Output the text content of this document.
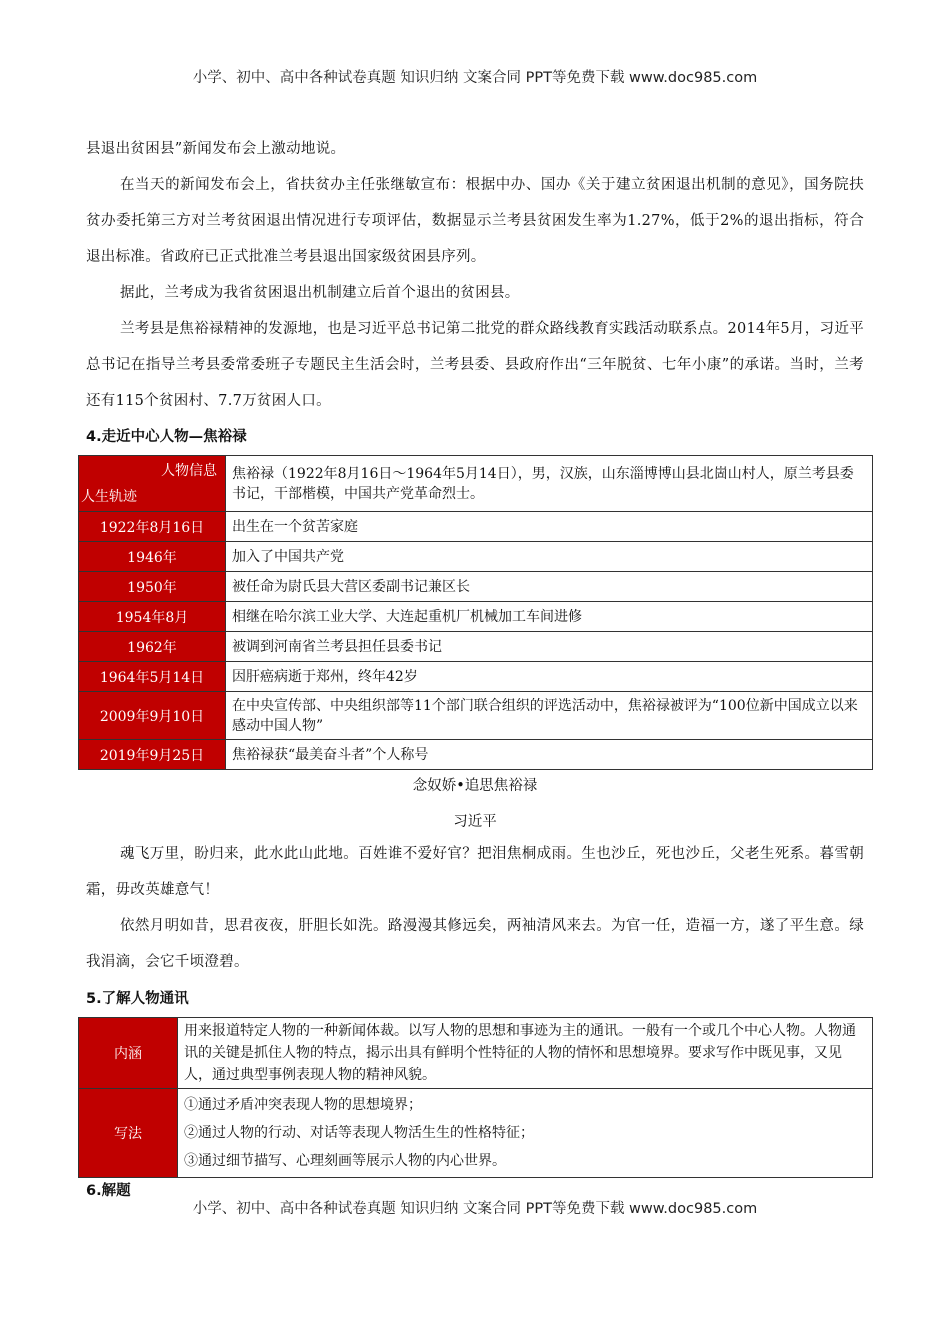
小学、初中、高中各种试卷真题 知识归纳 文案合同 PPT等免费下载 www.doc985.com
县退出贫困县”新闻发布会上激动地说。
在当天的新闻发布会上，省扶贫办主任张继敏宣布：根据中办、国办《关于建立贫困退出机制的意见》，国务院扶贫办委托第三方对兰考贫困退出情况进行专项评估，数据显示兰考县贫困发生率为1.27%，低于2%的退出指标，符合退出标准。省政府已正式批准兰考县退出国家级贫困县序列。
据此，兰考成为我省贫困退出机制建立后首个退出的贫困县。
兰考县是焦裕禄精神的发源地，也是习近平总书记第二批党的群众路线教育实践活动联系点。2014年5月，习近平总书记在指导兰考县委常委班子专题民主生活会时，兰考县委、县政府作出“三年脱贫、七年小康”的承诺。当时，兰考还有115个贫困村、7.7万贫困人口。
4.走近中心人物—焦裕禄
人物信息
人生轨迹	焦裕禄（1922年8月16日～1964年5月14日），男，汉族，山东淄博博山县北崮山村人，原兰考县委书记，干部楷模，中国共产党革命烈士。
1922年8月16日	出生在一个贫苦家庭
1946年	加入了中国共产党
1950年	被任命为尉氏县大营区委副书记兼区长
1954年8月	相继在哈尔滨工业大学、大连起重机厂机械加工车间进修
1962年	被调到河南省兰考县担任县委书记
1964年5月14日	因肝癌病逝于郑州，终年42岁
2009年9月10日	在中央宣传部、中央组织部等11个部门联合组织的评选活动中，焦裕禄被评为“100位新中国成立以来感动中国人物”
2019年9月25日	焦裕禄获“最美奋斗者”个人称号
念奴娇•追思焦裕禄
习近平
魂飞万里，盼归来，此水此山此地。百姓谁不爱好官？把泪焦桐成雨。生也沙丘，死也沙丘，父老生死系。暮雪朝霜，毋改英雄意气！
依然月明如昔，思君夜夜，肝胆长如洗。路漫漫其修远矣，两袖清风来去。为官一任，造福一方，遂了平生意。绿我涓滴，会它千顷澄碧。
5.了解人物通讯
内涵	用来报道特定人物的一种新闻体裁。以写人物的思想和事迹为主的通讯。一般有一个或几个中心人物。人物通讯的关键是抓住人物的特点，揭示出具有鲜明个性特征的人物的情怀和思想境界。要求写作中既见事，又见人，通过典型事例表现人物的精神风貌。
写法	①通过矛盾冲突表现人物的思想境界；
②通过人物的行动、对话等表现人物活生生的性格特征；
③通过细节描写、心理刻画等展示人物的内心世界。
6.解题
小学、初中、高中各种试卷真题 知识归纳 文案合同 PPT等免费下载 www.doc985.com
